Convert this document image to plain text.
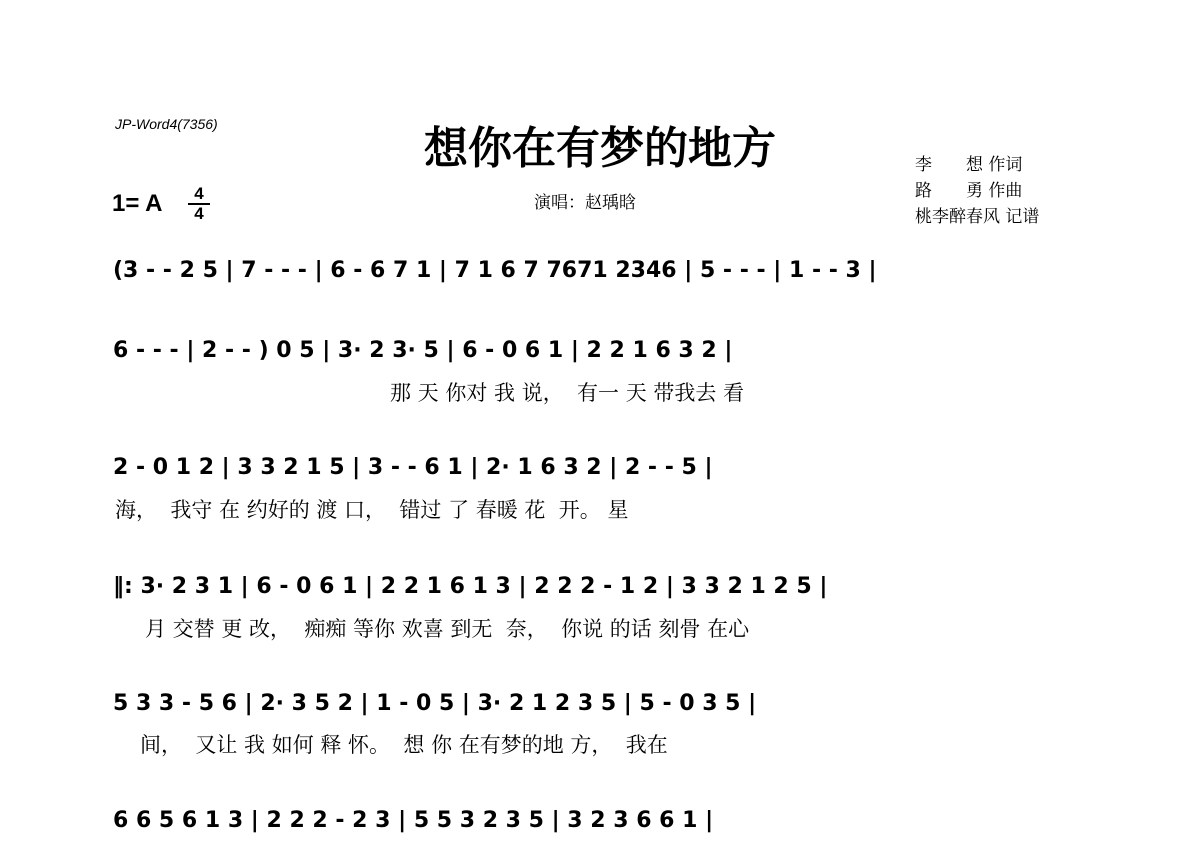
JP-Word4(7356)	想你在有梦的地方
1= A	4
4
演唱：赵瑀晗
李　　想 作词
路　　勇 作曲
桃李醉春风 记谱
(3 - - 2 5 | 7 - - - | 6 - 6 7 1 | 7 1 6 7 7671 2346 | 5 - - - | 1 - - 3 |
6 - - - | 2 - - ) 0 5 | 3· 2 3· 5 | 6 - 0 6 1 | 2 2 1 6 3 2 |
那 天 你对 我 说，  有一 天 带我去 看
2 - 0 1 2 | 3 3 2 1 5 | 3 - - 6 1 | 2· 1 6 3 2 | 2 - - 5 |
海，  我守 在 约好的 渡 口，  错过 了 春暖 花  开。 星
‖: 3· 2 3 1 | 6 - 0 6 1 | 2 2 1 6 1 3 | 2 2 2 - 1 2 | 3 3 2 1 2 5 |
月 交替 更 改，  痴痴 等你 欢喜 到无  奈，  你说 的话 刻骨 在心
5 3 3 - 5 6 | 2· 3 5 2 | 1 - 0 5 | 3· 2 1 2 3 5 | 5 - 0 3 5 |
间，  又让 我 如何 释 怀。  想 你 在有梦的地 方，  我在
6 6 5 6 1 3 | 2 2 2 - 2 3 | 5 5 3 2 3 5 | 3 2 3 6 6 1 |
